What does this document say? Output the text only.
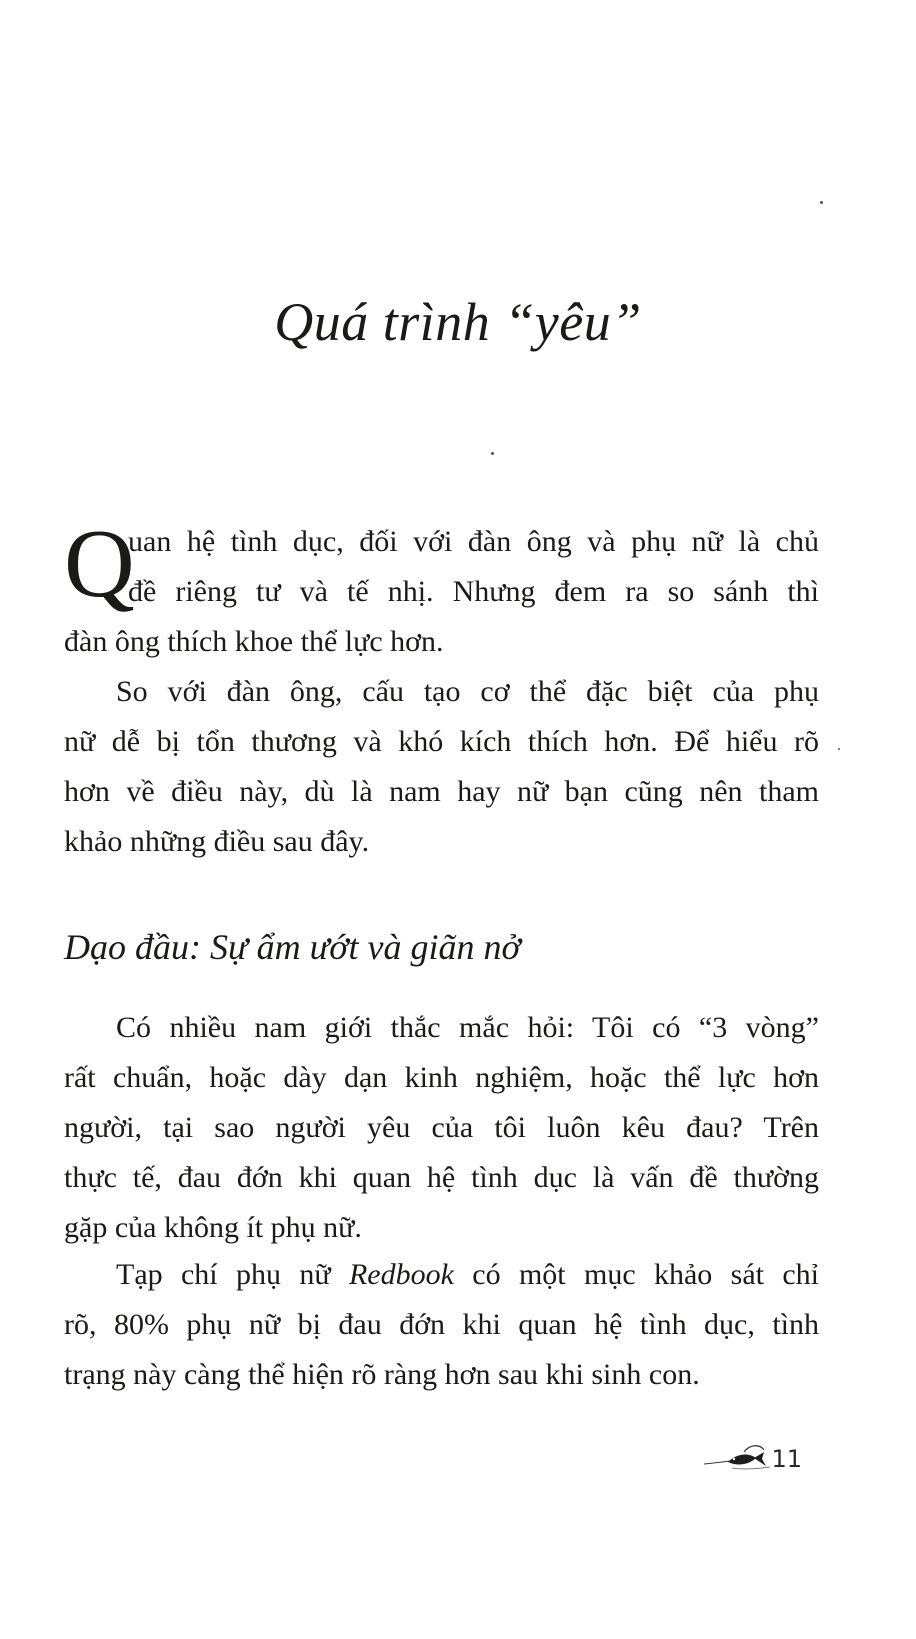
Quá trình “yêu”
Q
uan hệ tình dục, đối với đàn ông và phụ nữ là chủ
đề riêng tư và tế nhị. Nhưng đem ra so sánh thì
đàn ông thích khoe thể lực hơn.
So với đàn ông, cấu tạo cơ thể đặc biệt của phụ
nữ dễ bị tổn thương và khó kích thích hơn. Để hiểu rõ
hơn về điều này, dù là nam hay nữ bạn cũng nên tham
khảo những điều sau đây.
Dạo đầu: Sự ẩm ướt và giãn nở
Có nhiều nam giới thắc mắc hỏi: Tôi có “3 vòng”
rất chuẩn, hoặc dày dạn kinh nghiệm, hoặc thể lực hơn
người, tại sao người yêu của tôi luôn kêu đau? Trên
thực tế, đau đớn khi quan hệ tình dục là vấn đề thường
gặp của không ít phụ nữ.
Tạp chí phụ nữ Redbook có một mục khảo sát chỉ
rõ, 80% phụ nữ bị đau đớn khi quan hệ tình dục, tình
trạng này càng thể hiện rõ ràng hơn sau khi sinh con.
11
